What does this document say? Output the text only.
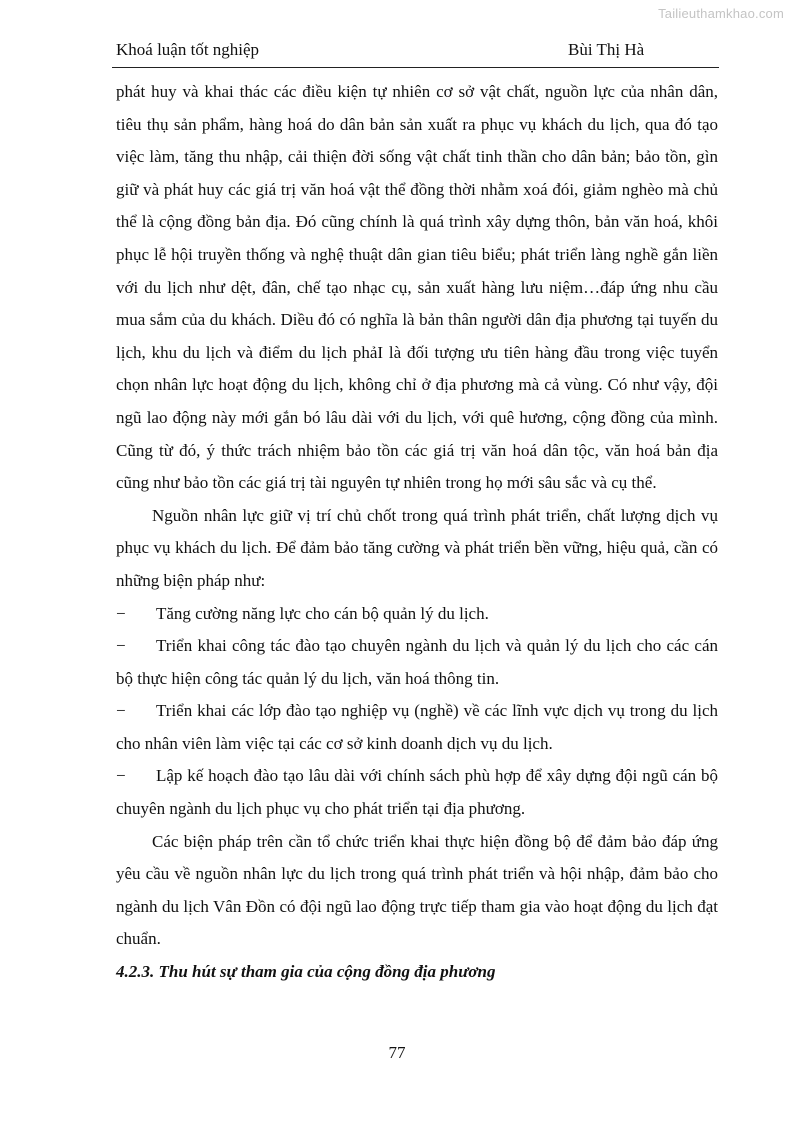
Tailieuthamkhao.com
Khoá luận tốt nghiệp	Bùi Thị Hà

phát huy và khai thác các điều kiện tự nhiên cơ sở vật chất, nguồn lực của nhân dân, tiêu thụ sản phẩm, hàng hoá do dân bản sản xuất ra phục vụ khách du lịch, qua đó tạo việc làm, tăng thu nhập, cải thiện đời sống vật chất tinh thần cho dân bản; bảo tồn, gìn giữ và phát huy các giá trị văn hoá vật thể đồng thời nhằm xoá đói, giảm nghèo mà chủ thể là cộng đồng bản địa. Đó cũng chính là quá trình xây dựng thôn, bản văn hoá, khôi phục lễ hội truyền thống và nghệ thuật dân gian tiêu biểu; phát triển làng nghề gắn liền với du lịch như dệt, đân, chế tạo nhạc cụ, sản xuất hàng lưu niệm…đáp ứng nhu cầu mua sắm của du khách. Diều đó có nghĩa là bản thân người dân địa phương tại tuyến du lịch, khu du lịch và điểm du lịch phảI là đối tượng ưu tiên hàng đầu trong việc tuyển chọn nhân lực hoạt động du lịch, không chỉ ở địa phương mà cả vùng. Có như vậy, đội ngũ lao động này mới gắn bó lâu dài với du lịch, với quê hương, cộng đồng của mình. Cũng từ đó, ý thức trách nhiệm bảo tồn các giá trị văn hoá dân tộc, văn hoá bản địa cũng như bảo tồn các giá trị tài nguyên tự nhiên trong họ mới sâu sắc và cụ thể.

Nguồn nhân lực giữ vị trí chủ chốt trong quá trình phát triển, chất lượng dịch vụ phục vụ khách du lịch. Để đảm bảo tăng cường và phát triển bền vững, hiệu quả, cần có những biện pháp như:

− Tăng cường năng lực cho cán bộ quản lý du lịch.

− Triển khai công tác đào tạo chuyên ngành du lịch và quản lý du lịch cho các cán bộ thực hiện công tác quản lý du lịch, văn hoá thông tin.

− Triển khai các lớp đào tạo nghiệp vụ (nghề) về các lĩnh vực dịch vụ trong du lịch cho nhân viên làm việc tại các cơ sở kinh doanh dịch vụ du lịch.

− Lập kế hoạch đào tạo lâu dài với chính sách phù hợp để xây dựng đội ngũ cán bộ chuyên ngành du lịch phục vụ cho phát triển tại địa phương.

Các biện pháp trên cần tổ chức triển khai thực hiện đồng bộ để đảm bảo đáp ứng yêu cầu về nguồn nhân lực du lịch trong quá trình phát triển và hội nhập, đảm bảo cho ngành du lịch Vân Đồn có đội ngũ lao động trực tiếp tham gia vào hoạt động du lịch đạt chuẩn.

4.2.3. Thu hút sự tham gia của cộng đồng địa phương

77
